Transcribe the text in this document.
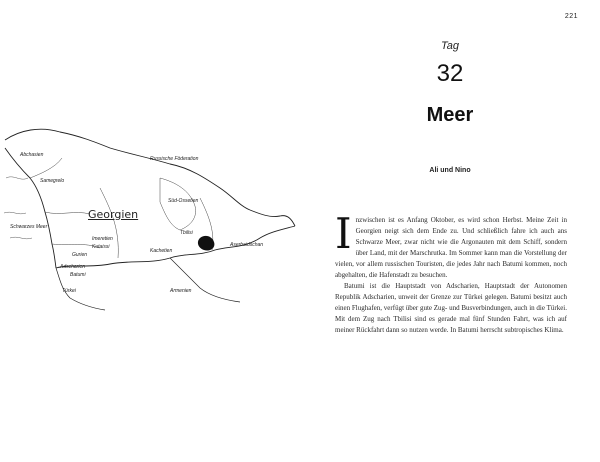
221
Abchasien
Russische Föderation
Samegrelo
Georgien
Süd-Ossetien
Schwarzes Meer
Imeretien
Kutaissi
Gurien
Kachetien
Tbilisi
Aserbaidschan
Adscharien
Batumi
Türkei	Armenien
Tag
32
Meer
Ali und Nino

Inzwischen ist es Anfang Oktober, es wird schon Herbst. Meine Zeit in Georgien neigt sich dem Ende zu. Und schließlich fahre ich auch ans Schwarze Meer, zwar nicht wie die Argonauten mit dem Schiff, sondern über Land, mit der Marschrutka. Im Sommer kann man die Vorstellung der vielen, vor allem russischen Touristen, die jedes Jahr nach Batumi kommen, noch abgehalten, die Hafenstadt zu besuchen.

Batumi ist die Hauptstadt von Adscharien, Hauptstadt der Autonomen Republik Adscharien, unweit der Grenze zur Türkei gelegen. Batumi besitzt auch einen Flughafen, verfügt über gute Zug- und Busverbindungen, auch in die Türkei. Mit dem Zug nach Tbilisi sind es gerade mal fünf Stunden Fahrt, was ich auf meiner Rückfahrt dann so nutzen werde. In Batumi herrscht subtropisches Klima.
